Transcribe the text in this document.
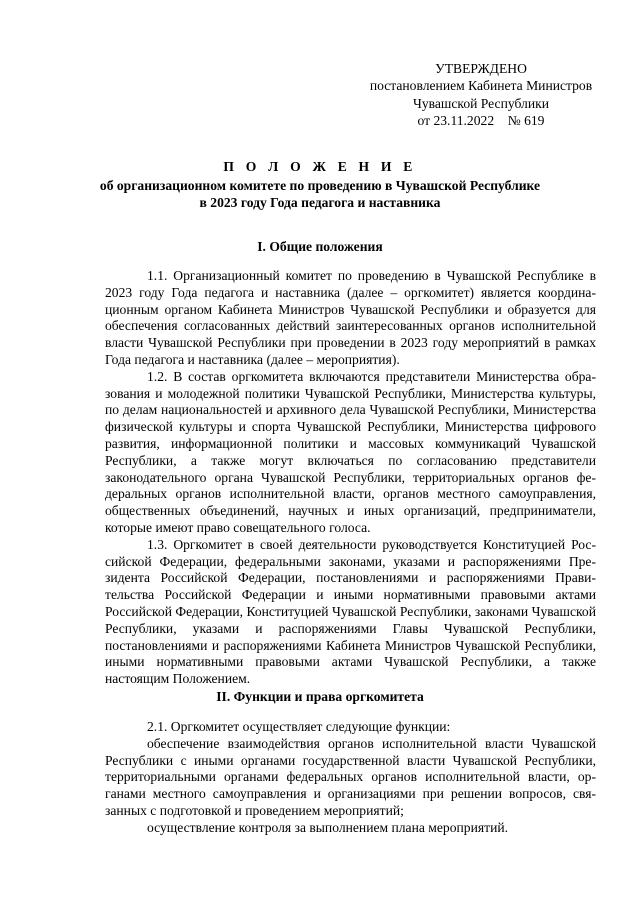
УТВЕРЖДЕНО
постановлением Кабинета Министров
Чувашской Республики
от 23.11.2022    № 619
П О Л О Ж Е Н И Е
об организационном комитете по проведению в Чувашской Республике
в 2023 году Года педагога и наставника
I. Общие положения

1.1. Организационный комитет по проведению в Чувашской Республике в 2023 году Года педагога и наставника (далее – оргкомитет) является координационным органом Кабинета Министров Чувашской Республики и образуется для обеспечения согласованных действий заинтересованных органов исполнительной власти Чувашской Республики при проведении в 2023 году мероприятий в рамках Года педагога и наставника (далее – мероприятия).

1.2. В состав оргкомитета включаются представители Министерства образования и молодежной политики Чувашской Республики, Министерства культуры, по делам национальностей и архивного дела Чувашской Республики, Министерства физической культуры и спорта Чувашской Республики, Министерства цифрового развития, информационной политики и массовых коммуникаций Чувашской Республики, а также могут включаться по согласованию представители законодательного органа Чувашской Республики, территориальных органов федеральных органов исполнительной власти, органов местного самоуправления, общественных объединений, научных и иных организаций, предприниматели, которые имеют право совещательного голоса.

1.3. Оргкомитет в своей деятельности руководствуется Конституцией Российской Федерации, федеральными законами, указами и распоряжениями Президента Российской Федерации, постановлениями и распоряжениями Правительства Российской Федерации и иными нормативными правовыми актами Российской Федерации, Конституцией Чувашской Республики, законами Чувашской Республики, указами и распоряжениями Главы Чувашской Республики, постановлениями и распоряжениями Кабинета Министров Чувашской Республики, иными нормативными правовыми актами Чувашской Республики, а также настоящим Положением.

II. Функции и права оргкомитета

2.1. Оргкомитет осуществляет следующие функции:

обеспечение взаимодействия органов исполнительной власти Чувашской Республики с иными органами государственной власти Чувашской Республики, территориальными органами федеральных органов исполнительной власти, органами местного самоуправления и организациями при решении вопросов, связанных с подготовкой и проведением мероприятий;

осуществление контроля за выполнением плана мероприятий.
